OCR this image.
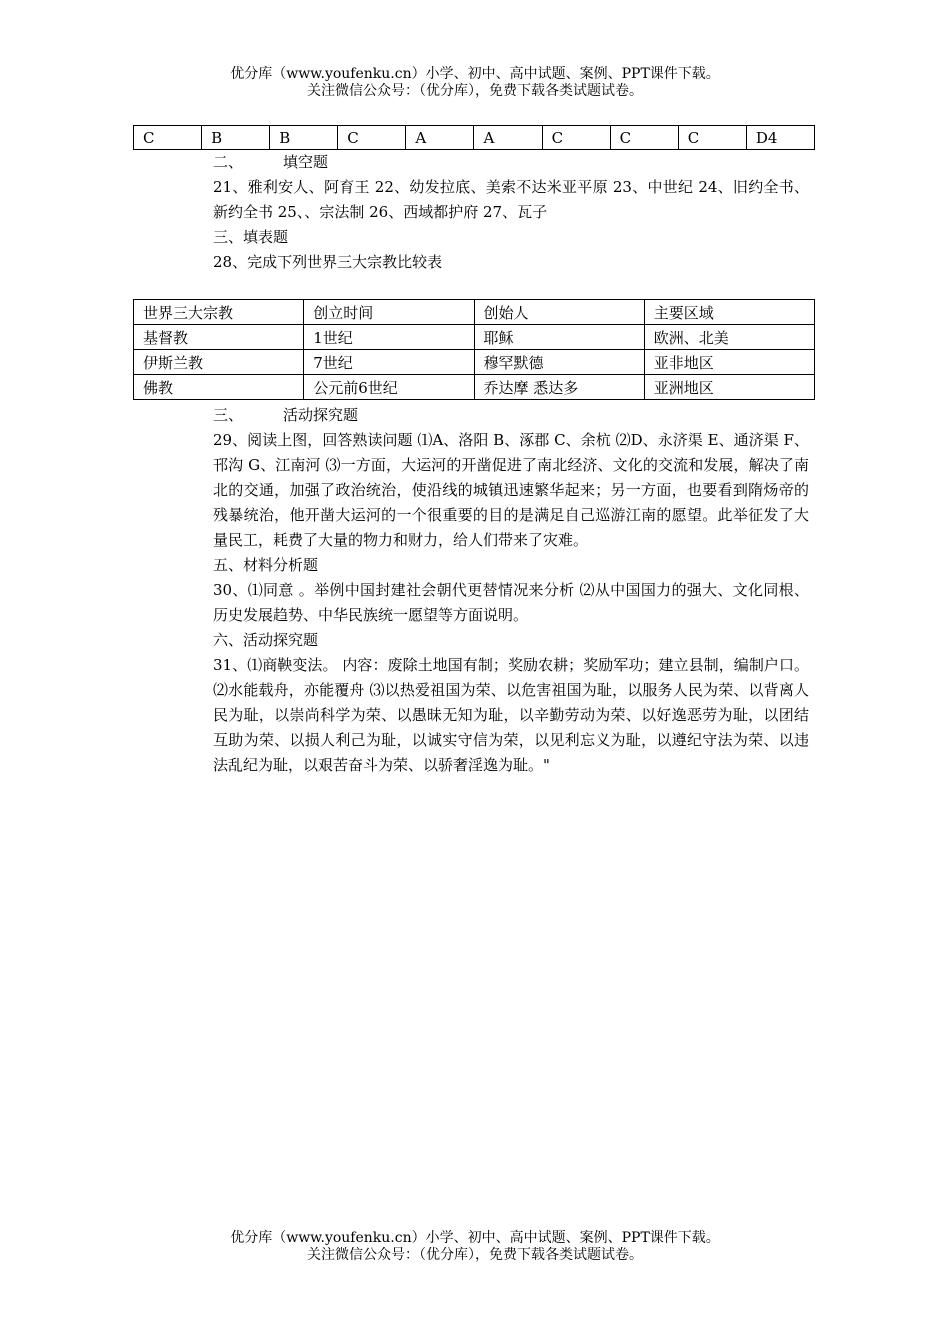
优分库（www.youfenku.cn）小学、初中、高中试题、案例、PPT课件下载。
关注微信公众号：（优分库），免费下载各类试题试卷。
C	B	B	C	A	A	C	C	C	D4

二、	填空题

21、雅利安人、阿育王 22、幼发拉底、美索不达米亚平原 23、中世纪 24、旧约全书、新约全书 25、、宗法制 26、西域都护府 27、瓦子

三、填表题

28、完成下列世界三大宗教比较表

世界三大宗教	创立时间	创始人	主要区域
基督教	1世纪	耶稣	欧洲、北美
伊斯兰教	7世纪	穆罕默德	亚非地区
佛教	公元前6世纪	乔达摩 悉达多	亚洲地区

三、	活动探究题

29、阅读上图，回答熟读问题 ⑴A、洛阳 B、涿郡 C、余杭 ⑵D、永济渠 E、通济渠 F、邗沟 G、江南河 ⑶一方面，大运河的开凿促进了南北经济、文化的交流和发展，解决了南北的交通，加强了政治统治，使沿线的城镇迅速繁华起来；另一方面，也要看到隋炀帝的残暴统治，他开凿大运河的一个很重要的目的是满足自己巡游江南的愿望。此举征发了大量民工，耗费了大量的物力和财力，给人们带来了灾难。

五、材料分析题

30、⑴同意 。举例中国封建社会朝代更替情况来分析 ⑵从中国国力的强大、文化同根、历史发展趋势、中华民族统一愿望等方面说明。

六、活动探究题

31、⑴商鞅变法。 内容：废除土地国有制；奖励农耕；奖励军功；建立县制，编制户口。 ⑵水能载舟，亦能覆舟 ⑶以热爱祖国为荣、以危害祖国为耻，以服务人民为荣、以背离人民为耻，以崇尚科学为荣、以愚昧无知为耻，以辛勤劳动为荣、以好逸恶劳为耻，以团结互助为荣、以损人利己为耻，以诚实守信为荣，以见利忘义为耻，以遵纪守法为荣、以违法乱纪为耻，以艰苦奋斗为荣、以骄奢淫逸为耻。"

优分库（www.youfenku.cn）小学、初中、高中试题、案例、PPT课件下载。
关注微信公众号：（优分库），免费下载各类试题试卷。
